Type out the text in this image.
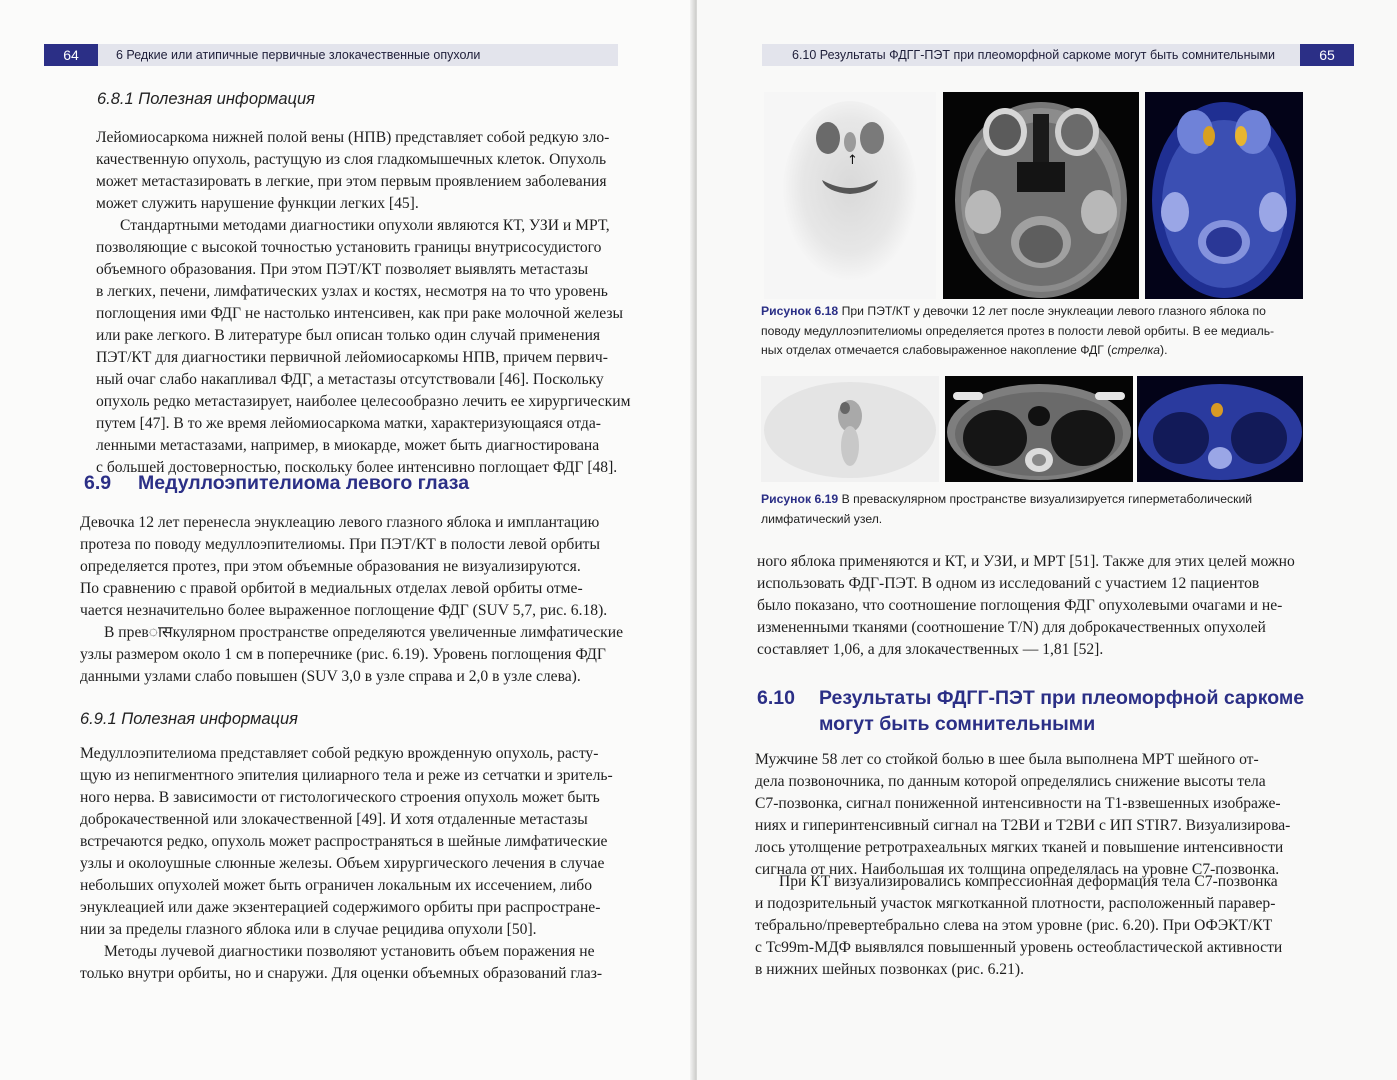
64	6 Редкие или атипичные первичные злокачественные опухоли
6.8.1 Полезная информация
Лейомиосаркома нижней полой вены (НПВ) представляет собой редкую зло-
качественную опухоль, растущую из слоя гладкомышечных клеток. Опухоль
может метастазировать в легкие, при этом первым проявлением заболевания
может служить нарушение функции легких [45].
Стандартными методами диагностики опухоли являются КТ, УЗИ и МРТ,
позволяющие с высокой точностью установить границы внутрисосудистого
объемного образования. При этом ПЭТ/КТ позволяет выявлять метастазы
в легких, печени, лимфатических узлах и костях, несмотря на то что уровень
поглощения ими ФДГ не настолько интенсивен, как при раке молочной железы
или раке легкого. В литературе был описан только один случай применения
ПЭТ/КТ для диагностики первичной лейомиосаркомы НПВ, причем первич-
ный очаг слабо накапливал ФДГ, а метастазы отсутствовали [46]. Поскольку
опухоль редко метастазирует, наиболее целесообразно лечить ее хирургическим
путем [47]. В то же время лейомиосаркома матки, характеризующаяся отда-
ленными метастазами, например, в миокарде, может быть диагностирована
с большей достоверностью, поскольку более интенсивно поглощает ФДГ [48].
6.9 Медуллоэпителиома левого глаза
Девочка 12 лет перенесла энуклеацию левого глазного яблока и имплантацию
протеза по поводу медуллоэпителиомы. При ПЭТ/КТ в полости левой орбиты
определяется протез, при этом объемные образования не визуализируются.
По сравнению с правой орбитой в медиальных отделах левой орбиты отме-
чается незначительно более выраженное поглощение ФДГ (SUV 5,7, рис. 6.18).
В превासкулярном пространстве определяются увеличенные лимфатические
узлы размером около 1 см в поперечнике (рис. 6.19). Уровень поглощения ФДГ
данными узлами слабо повышен (SUV 3,0 в узле справа и 2,0 в узле слева).
6.9.1 Полезная информация
Медуллоэпителиома представляет собой редкую врожденную опухоль, расту-
щую из непигментного эпителия цилиарного тела и реже из сетчатки и зритель-
ного нерва. В зависимости от гистологического строения опухоль может быть
доброкачественной или злокачественной [49]. И хотя отдаленные метастазы
встречаются редко, опухоль может распространяться в шейные лимфатические
узлы и околоушные слюнные железы. Объем хирургического лечения в случае
небольших опухолей может быть ограничен локальным их иссечением, либо
энуклеацией или даже экзентерацией содержимого орбиты при распростране-
нии за пределы глазного яблока или в случае рецидива опухоли [50].
Методы лучевой диагностики позволяют установить объем поражения не
только внутри орбиты, но и снаружи. Для оценки объемных образований глаз-
65
6.10 Результаты ФДГГ-ПЭТ при плеоморфной саркоме могут быть сомнительными
↑
Рисунок 6.18 При ПЭТ/КТ у девочки 12 лет после энуклеации левого глазного яблока по
поводу медуллоэпителиомы определяется протез в полости левой орбиты. В ее медиаль-
ных отделах отмечается слабовыраженное накопление ФДГ (стрелка).
Рисунок 6.19 В преваскулярном пространстве визуализируется гиперметаболический
лимфатический узел.
ного яблока применяются и КТ, и УЗИ, и МРТ [51]. Также для этих целей можно
использовать ФДГ-ПЭТ. В одном из исследований с участием 12 пациентов
было показано, что соотношение поглощения ФДГ опухолевыми очагами и не-
измененными тканями (соотношение T/N) для доброкачественных опухолей
составляет 1,06, а для злокачественных — 1,81 [52].
6.10 Результаты ФДГГ-ПЭТ при плеоморфной саркоме
могут быть сомнительными
Мужчине 58 лет со стойкой болью в шее была выполнена МРТ шейного от-
дела позвоночника, по данным которой определялись снижение высоты тела
C7-позвонка, сигнал пониженной интенсивности на T1-взвешенных изображе-
ниях и гиперинтенсивный сигнал на T2ВИ и T2ВИ с ИП STIR7. Визуализирова-
лось утолщение ретротрахеальных мягких тканей и повышение интенсивности
сигнала от них. Наибольшая их толщина определялась на уровне C7-позвонка.
При КТ визуализировались компрессионная деформация тела C7-позвонка
и подозрительный участок мягкотканной плотности, расположенный паравер-
тебрально/превертебрально слева на этом уровне (рис. 6.20). При ОФЭКТ/КТ
с Tc99m-МДФ выявлялся повышенный уровень остеобластической активности
в нижних шейных позвонках (рис. 6.21).
